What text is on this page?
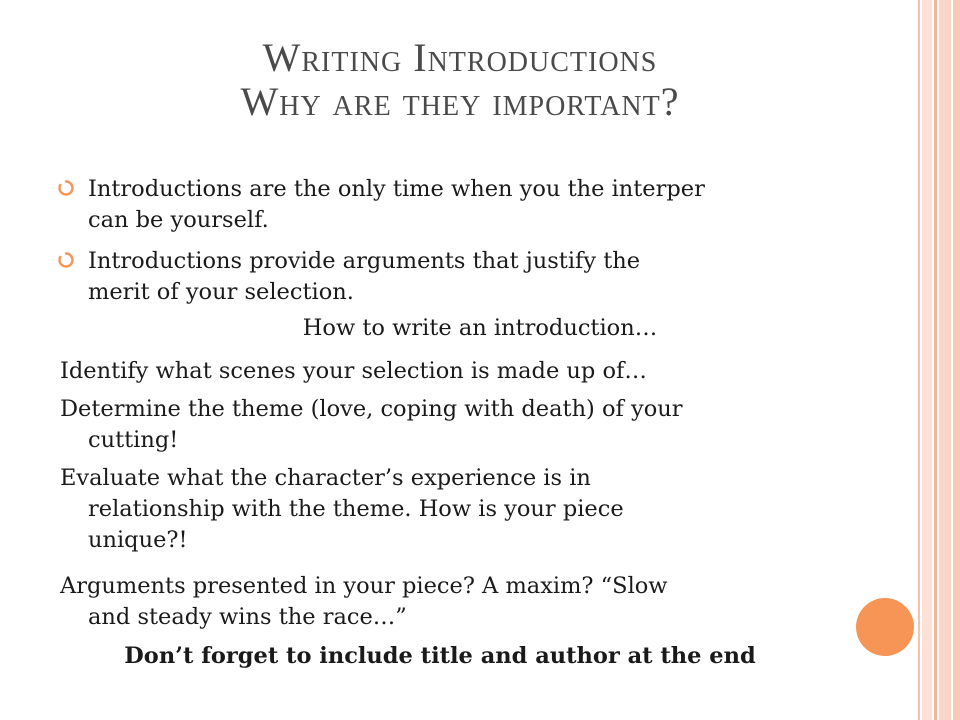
Writing Introductions
Why are they important?
Introductions are the only time when you the interper
can be yourself.
Introductions provide arguments that justify the
merit of your selection.
How to write an introduction…
Identify what scenes your selection is made up of…
Determine the theme (love, coping with death) of your
cutting!
Evaluate what the character’s experience is in
relationship with the theme. How is your piece
unique?!
Arguments presented in your piece? A maxim? “Slow
and steady wins the race…”
Don’t forget to include title and author at the end
